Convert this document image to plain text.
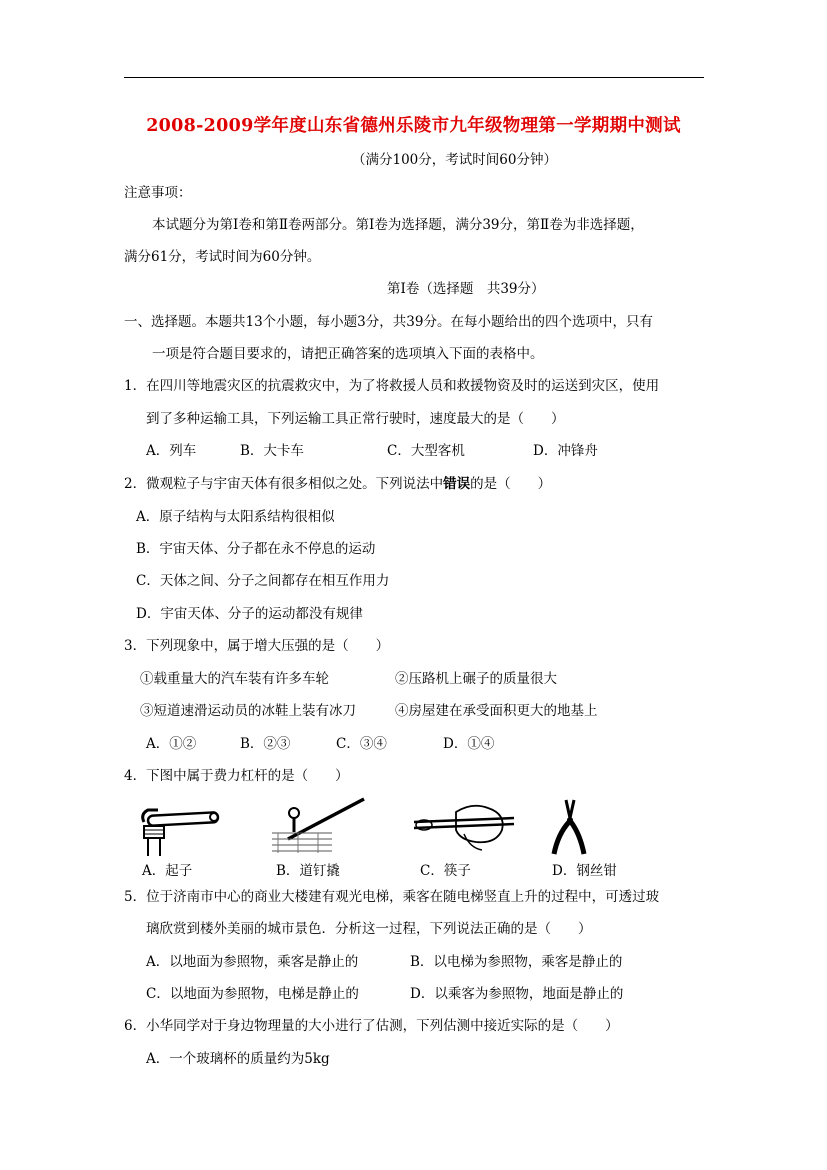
2008-2009学年度山东省德州乐陵市九年级物理第一学期期中测试
（满分100分，考试时间60分钟）
注意事项：
本试题分为第Ⅰ卷和第Ⅱ卷两部分。第Ⅰ卷为选择题，满分39分，第Ⅱ卷为非选择题，
满分61分，考试时间为60分钟。
第Ⅰ卷（选择题　共39分）
一、选择题。本题共13个小题，每小题3分，共39分。在每小题给出的四个选项中，只有
一项是符合题目要求的，请把正确答案的选项填入下面的表格中。
1．在四川等地震灾区的抗震救灾中，为了将救援人员和救援物资及时的运送到灾区，使用
到了多种运输工具，下列运输工具正常行驶时，速度最大的是（　　）
A．列车	B．大卡车	C．大型客机	D．冲锋舟
2．微观粒子与宇宙天体有很多相似之处。下列说法中错误的是（　　）
A．原子结构与太阳系结构很相似
B．宇宙天体、分子都在永不停息的运动
C．天体之间、分子之间都存在相互作用力
D．宇宙天体、分子的运动都没有规律
3．下列现象中，属于增大压强的是（　　）
①载重量大的汽车装有许多车轮	②压路机上碾子的质量很大
③短道速滑运动员的冰鞋上装有冰刀	④房屋建在承受面积更大的地基上
A．①②	B．②③	C．③④	D．①④
4．下图中属于费力杠杆的是（　　）
A．起子	B．道钉撬	C．筷子	D．钢丝钳
5．位于济南市中心的商业大楼建有观光电梯，乘客在随电梯竖直上升的过程中，可透过玻
璃欣赏到楼外美丽的城市景色．分析这一过程，下列说法正确的是（　　）
A．以地面为参照物，乘客是静止的	B．以电梯为参照物，乘客是静止的
C．以地面为参照物，电梯是静止的	D．以乘客为参照物，地面是静止的
6．小华同学对于身边物理量的大小进行了估测，下列估测中接近实际的是（　　）
A．一个玻璃杯的质量约为5kg
